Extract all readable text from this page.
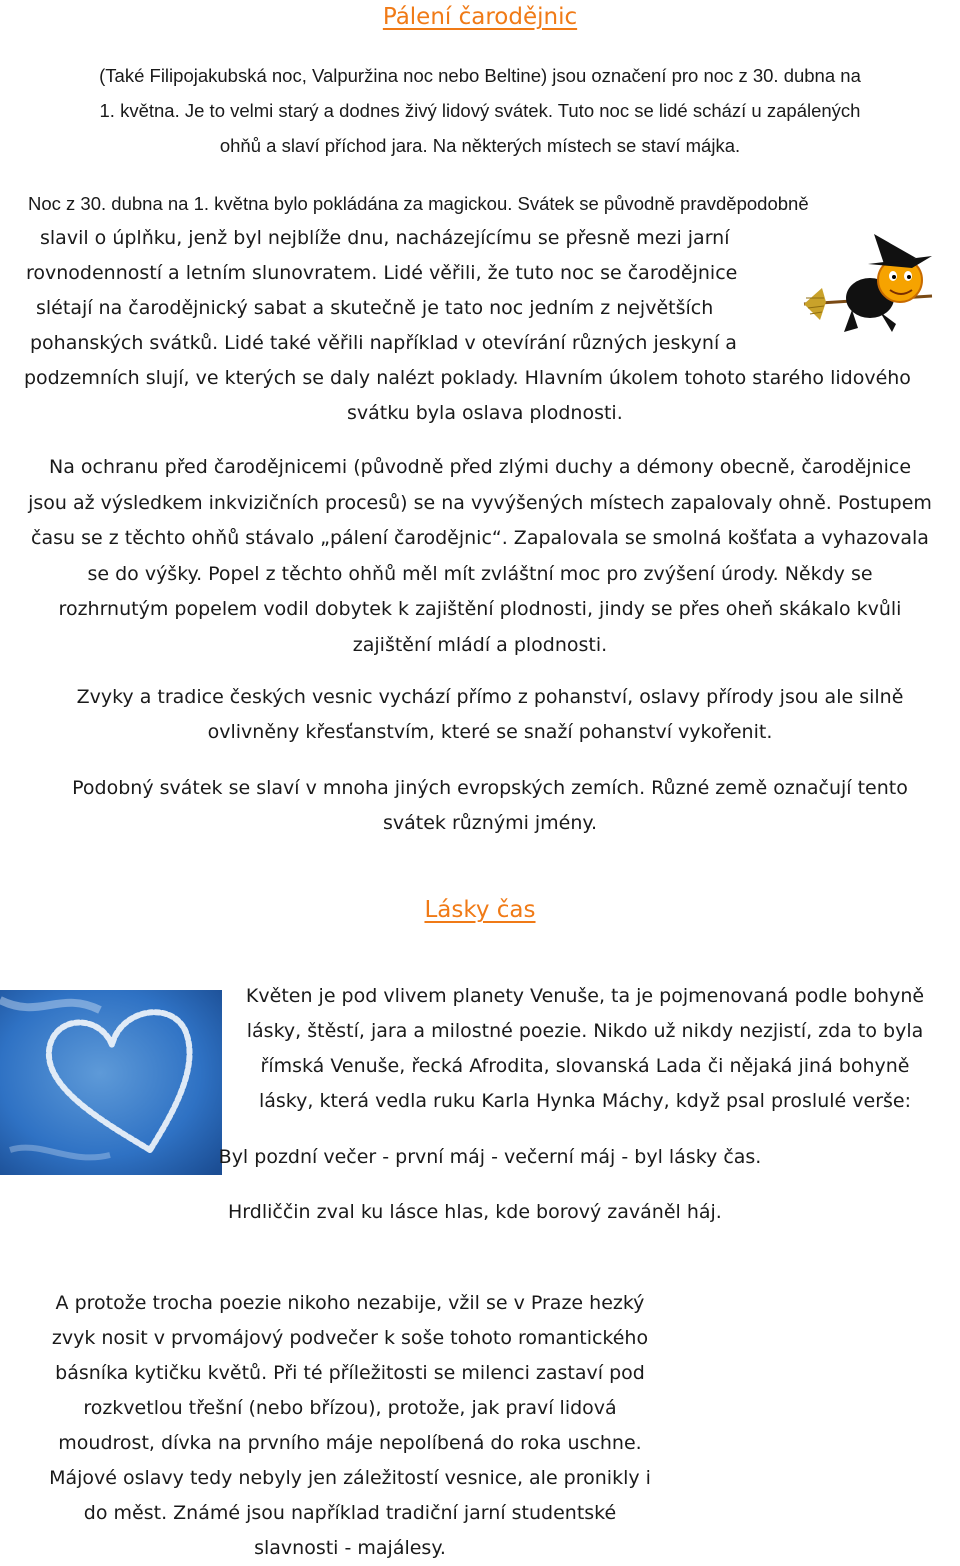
Pálení čarodějnic
(Také Filipojakubská noc, Valpuržina noc nebo Beltine) jsou označení pro noc z 30. dubna na
1. května. Je to velmi starý a dodnes živý lidový svátek. Tuto noc se lidé schází u zapálených
ohňů a slaví příchod jara. Na některých místech se staví májka.
Noc z 30. dubna na 1. května bylo pokládána za magickou. Svátek se původně pravděpodobně
slavil o úplňku, jenž byl nejblíže dnu, nacházejícímu se přesně mezi jarní
rovnodenností a letním slunovratem. Lidé věřili, že tuto noc se čarodějnice
slétají na čarodějnický sabat a skutečně je tato noc jedním z největších
pohanských svátků. Lidé také věřili například v otevírání různých jeskyní a
podzemních slují, ve kterých se daly nalézt poklady. Hlavním úkolem tohoto starého lidového
svátku byla oslava plodnosti.
Na ochranu před čarodějnicemi (původně před zlými duchy a démony obecně, čarodějnice
jsou až výsledkem inkvizičních procesů) se na vyvýšených místech zapalovaly ohně. Postupem
času se z těchto ohňů stávalo „pálení čarodějnic“. Zapalovala se smolná košťata a vyhazovala
se do výšky. Popel z těchto ohňů měl mít zvláštní moc pro zvýšení úrody. Někdy se
rozhrnutým popelem vodil dobytek k zajištění plodnosti, jindy se přes oheň skákalo kvůli
zajištění mládí a plodnosti.
Zvyky a tradice českých vesnic vychází přímo z pohanství, oslavy přírody jsou ale silně
ovlivněny křesťanstvím, které se snaží pohanství vykořenit.
Podobný svátek se slaví v mnoha jiných evropských zemích. Různé země označují tento
svátek různými jmény.
Lásky čas
Květen je pod vlivem planety Venuše, ta je pojmenovaná podle bohyně
lásky, štěstí, jara a milostné poezie. Nikdo už nikdy nezjistí, zda to byla
římská Venuše, řecká Afrodita, slovanská Lada či nějaká jiná bohyně
lásky, která vedla ruku Karla Hynka Máchy, když psal proslulé verše:
Byl pozdní večer - první máj - večerní máj - byl lásky čas.
Hrdliččin zval ku lásce hlas, kde borový zaváněl háj.
A protože trocha poezie nikoho nezabije, vžil se v Praze hezký
zvyk nosit v prvomájový podvečer k soše tohoto romantického
básníka kytičku květů. Při té příležitosti se milenci zastaví pod
rozkvetlou třešní (nebo břízou), protože, jak praví lidová
moudrost, dívka na prvního máje nepolíbená do roka uschne.
Májové oslavy tedy nebyly jen záležitostí vesnice, ale pronikly i
do měst. Známé jsou například tradiční jarní studentské
slavnosti - majálesy.
